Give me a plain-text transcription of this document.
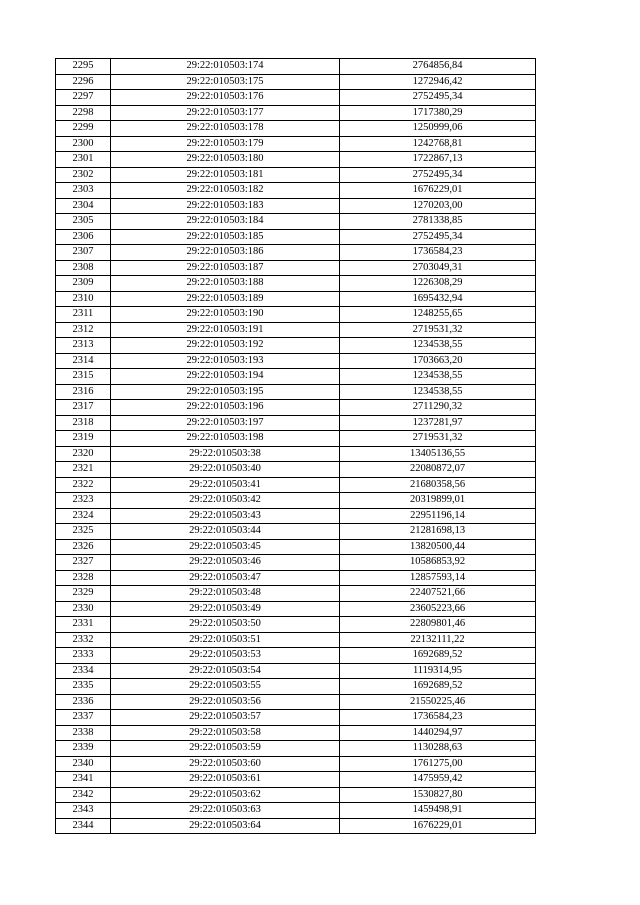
2295	29:22:010503:174	2764856,84
2296	29:22:010503:175	1272946,42
2297	29:22:010503:176	2752495,34
2298	29:22:010503:177	1717380,29
2299	29:22:010503:178	1250999,06
2300	29:22:010503:179	1242768,81
2301	29:22:010503:180	1722867,13
2302	29:22:010503:181	2752495,34
2303	29:22:010503:182	1676229,01
2304	29:22:010503:183	1270203,00
2305	29:22:010503:184	2781338,85
2306	29:22:010503:185	2752495,34
2307	29:22:010503:186	1736584,23
2308	29:22:010503:187	2703049,31
2309	29:22:010503:188	1226308,29
2310	29:22:010503:189	1695432,94
2311	29:22:010503:190	1248255,65
2312	29:22:010503:191	2719531,32
2313	29:22:010503:192	1234538,55
2314	29:22:010503:193	1703663,20
2315	29:22:010503:194	1234538,55
2316	29:22:010503:195	1234538,55
2317	29:22:010503:196	2711290,32
2318	29:22:010503:197	1237281,97
2319	29:22:010503:198	2719531,32
2320	29:22:010503:38	13405136,55
2321	29:22:010503:40	22080872,07
2322	29:22:010503:41	21680358,56
2323	29:22:010503:42	20319899,01
2324	29:22:010503:43	22951196,14
2325	29:22:010503:44	21281698,13
2326	29:22:010503:45	13820500,44
2327	29:22:010503:46	10586853,92
2328	29:22:010503:47	12857593,14
2329	29:22:010503:48	22407521,66
2330	29:22:010503:49	23605223,66
2331	29:22:010503:50	22809801,46
2332	29:22:010503:51	22132111,22
2333	29:22:010503:53	1692689,52
2334	29:22:010503:54	1119314,95
2335	29:22:010503:55	1692689,52
2336	29:22:010503:56	21550225,46
2337	29:22:010503:57	1736584,23
2338	29:22:010503:58	1440294,97
2339	29:22:010503:59	1130288,63
2340	29:22:010503:60	1761275,00
2341	29:22:010503:61	1475959,42
2342	29:22:010503:62	1530827,80
2343	29:22:010503:63	1459498,91
2344	29:22:010503:64	1676229,01
